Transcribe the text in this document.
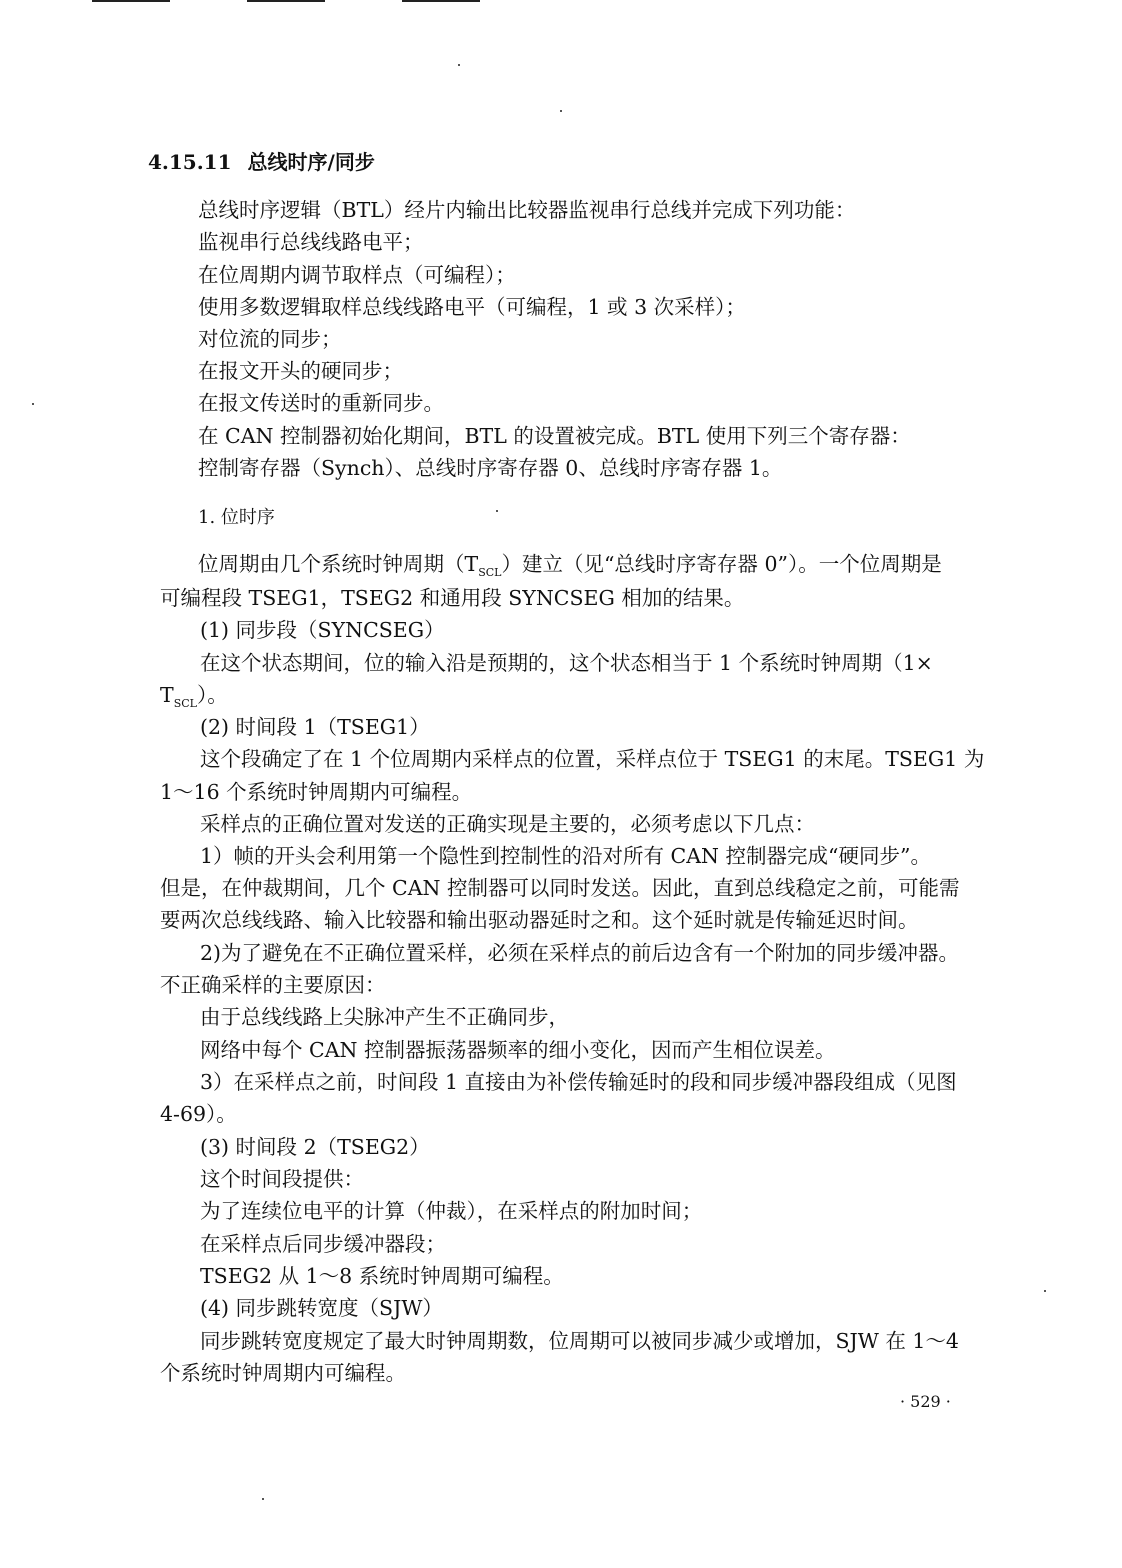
4.15.11 总线时序/同步

总线时序逻辑（BTL）经片内输出比较器监视串行总线并完成下列功能：

监视串行总线线路电平；

在位周期内调节取样点（可编程）；

使用多数逻辑取样总线线路电平（可编程，1 或 3 次采样）；

对位流的同步；

在报文开头的硬同步；

在报文传送时的重新同步。

在 CAN 控制器初始化期间，BTL 的设置被完成。BTL 使用下列三个寄存器：

控制寄存器（Synch）、总线时序寄存器 0、总线时序寄存器 1。

1. 位时序

位周期由几个系统时钟周期$(T_{SCL})$建立（见“总线时序寄存器 0”）。一个位周期是

可编程段 TSEG1，TSEG2 和通用段 SYNCSEG 相加的结果。

(1) 同步段（SYNCSEG）

在这个状态期间，位的输入沿是预期的，这个状态相当于 1 个系统时钟周期（1×

$T_{SCL}$）。

(2) 时间段 1（TSEG1）

这个段确定了在 1 个位周期内采样点的位置，采样点位于 TSEG1 的末尾。TSEG1 为

1～16 个系统时钟周期内可编程。

采样点的正确位置对发送的正确实现是主要的，必须考虑以下几点：

1）帧的开头会利用第一个隐性到控制性的沿对所有 CAN 控制器完成“硬同步”。

但是，在仲裁期间，几个 CAN 控制器可以同时发送。因此，直到总线稳定之前，可能需

要两次总线线路、输入比较器和输出驱动器延时之和。这个延时就是传输延迟时间。

2)为了避免在不正确位置采样，必须在采样点的前后边含有一个附加的同步缓冲器。

不正确采样的主要原因：

由于总线线路上尖脉冲产生不正确同步，

网络中每个 CAN 控制器振荡器频率的细小变化，因而产生相位误差。

3）在采样点之前，时间段 1 直接由为补偿传输延时的段和同步缓冲器段组成（见图

4-69）。

(3) 时间段 2（TSEG2）

这个时间段提供：

为了连续位电平的计算（仲裁），在采样点的附加时间；

在采样点后同步缓冲器段；

TSEG2 从 1～8 系统时钟周期可编程。

(4) 同步跳转宽度（SJW）

同步跳转宽度规定了最大时钟周期数，位周期可以被同步减少或增加，SJW 在 1～4

个系统时钟周期内可编程。

· 529 ·
